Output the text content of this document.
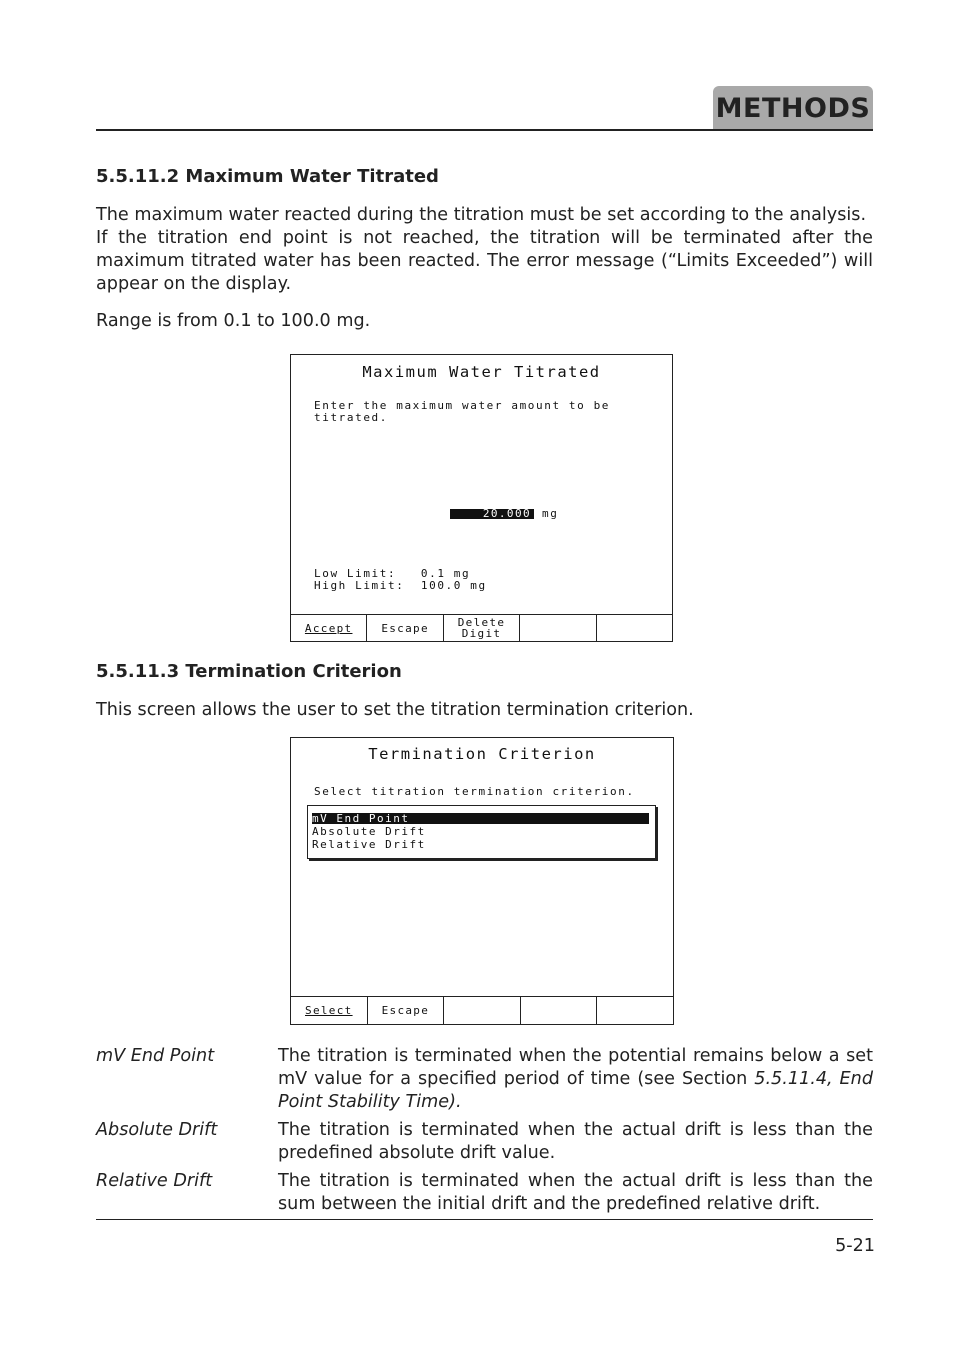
METHODS
5.5.11.2 Maximum Water Titrated

The maximum water reacted during the titration must be set according to the analysis.

If the titration end point is not reached, the titration will be terminated after the maximum titrated water has been reacted. The error message (“Limits Exceeded”) will appear on the display.

Range is from 0.1 to 100.0 mg.
Maximum Water Titrated
Enter the maximum water amount to be
titrated.
20.000 mg
Low Limit:   0.1 mg
High Limit:  100.0 mg
Accept	Escape	Delete
Digit
5.5.11.3 Termination Criterion
This screen allows the user to set the titration termination criterion.
Termination Criterion
Select titration termination criterion.
mV End Point
Absolute Drift
Relative Drift
Select	Escape
mV End Point	The titration is terminated when the potential remains below a set mV value for a specified period of time (see Section 5.5.11.4, End Point Stability Time).
Absolute Drift	The titration is terminated when the actual drift is less than the predefined absolute drift value.
Relative Drift	The titration is terminated when the actual drift is less than the sum between the initial drift and the predefined relative drift.
5-21
